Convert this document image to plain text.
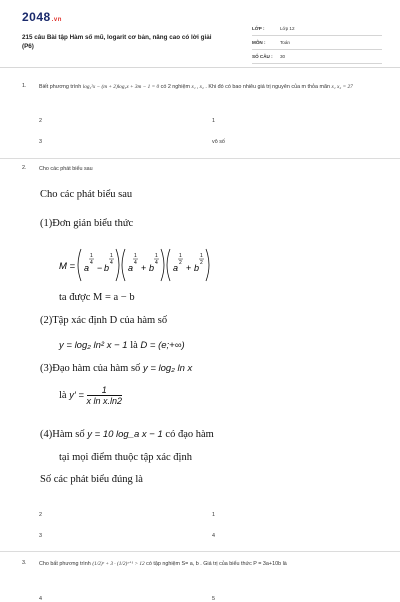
2048.vn
215 câu Bài tập Hàm số mũ, logarit cơ bản, nâng cao có lời giải (P6)
LỚP :	Lớp 12
MÔN :	Toán
SỐ CÂU :	30
1. Biết phương trình log₃²x − (m + 2)log₃x + 3m − 1 = 0 có 2 nghiệm x₁ , x₂ . Khi đó có bao nhiêu giá trị nguyên của m thỏa mãn x₁ x₂ = 27
2	1
3	vô số
2. Cho các phát biểu sau
2	1
3	4
Cho các phát biểu sau
(1)Đơn giản biểu thức
M = a
1
4 − b
1
4 a
1
4 + b
1
4 a
1
2 + b
1
2
ta được M = a − b
(2)Tập xác định D của hàm số
y = log₂ ln² x − 1 là D = (e;+∞)
(3)Đạo hàm của hàm số y = log₂ ln x
là $y' = \frac{1}{\text{x ln x.ln2}}$
(4)Hàm số y = 10 log_a x − 1 có đạo hàm
tại mọi điểm thuộc tập xác định
Số các phát biểu đúng là
3. Cho bất phương trình (1/2)ˣ + 3 · (1/2)ˣ⁺¹ > 12 có tập nghiệm S= a, b . Giá trị của biểu thức P = 3a+10b là
4	5
